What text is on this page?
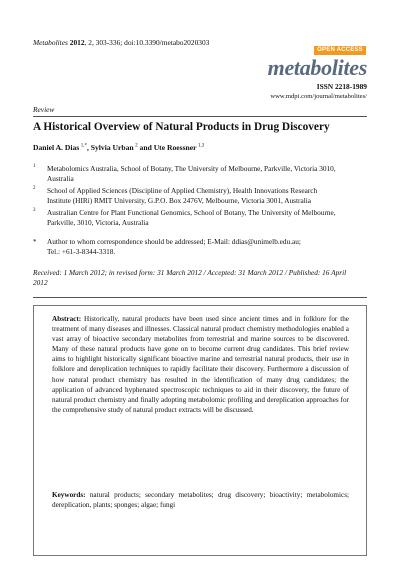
Metabolites 2012, 2, 303-336; doi:10.3390/metabo2020303
OPEN ACCESS
metabolites
ISSN 2218-1989
www.mdpi.com/journal/metabolites/
Review
A Historical Overview of Natural Products in Drug Discovery
Daniel A. Dias  $^{1,*}$, Sylvia Urban  $^2$ and Ute Roessner  $^{1,3}$
1 Metabolomics Australia, School of Botany, The University of Melbourne, Parkville, Victoria 3010,
Australia
2 School of Applied Sciences (Discipline of Applied Chemistry), Health Innovations Research
Institute (HIRi) RMIT University, G.P.O. Box 2476V, Melbourne, Victoria 3001, Australia
3 Australian Centre for Plant Functional Genomics, School of Botany, The University of Melbourne,
Parkville, 3010, Victoria, Australia
* Author to whom correspondence should be addressed; E-Mail: ddias@unimelb.edu.au;
Tel.: +61-3-8344-3318.
Received: 1 March 2012; in revised form: 31 March 2012 / Accepted: 31 March 2012 / Published: 16 April 2012
Abstract: Historically, natural products have been used since ancient times and in folklore for the treatment of many diseases and illnesses. Classical natural product chemistry methodologies enabled a vast array of bioactive secondary metabolites from terrestrial and marine sources to be discovered. Many of these natural products have gone on to become current drug candidates. This brief review aims to highlight historically significant bioactive marine and terrestrial natural products, their use in folklore and dereplication techniques to rapidly facilitate their discovery. Furthermore a discussion of how natural product chemistry has resulted in the identification of many drug candidates; the application of advanced hyphenated spectroscopic techniques to aid in their discovery, the future of natural product chemistry and finally adopting metabolomic profiling and dereplication approaches for the comprehensive study of natural product extracts will be discussed.
Keywords: natural products; secondary metabolites; drug discovery; bioactivity; metabolomics; dereplication, plants; sponges; algae; fungi
